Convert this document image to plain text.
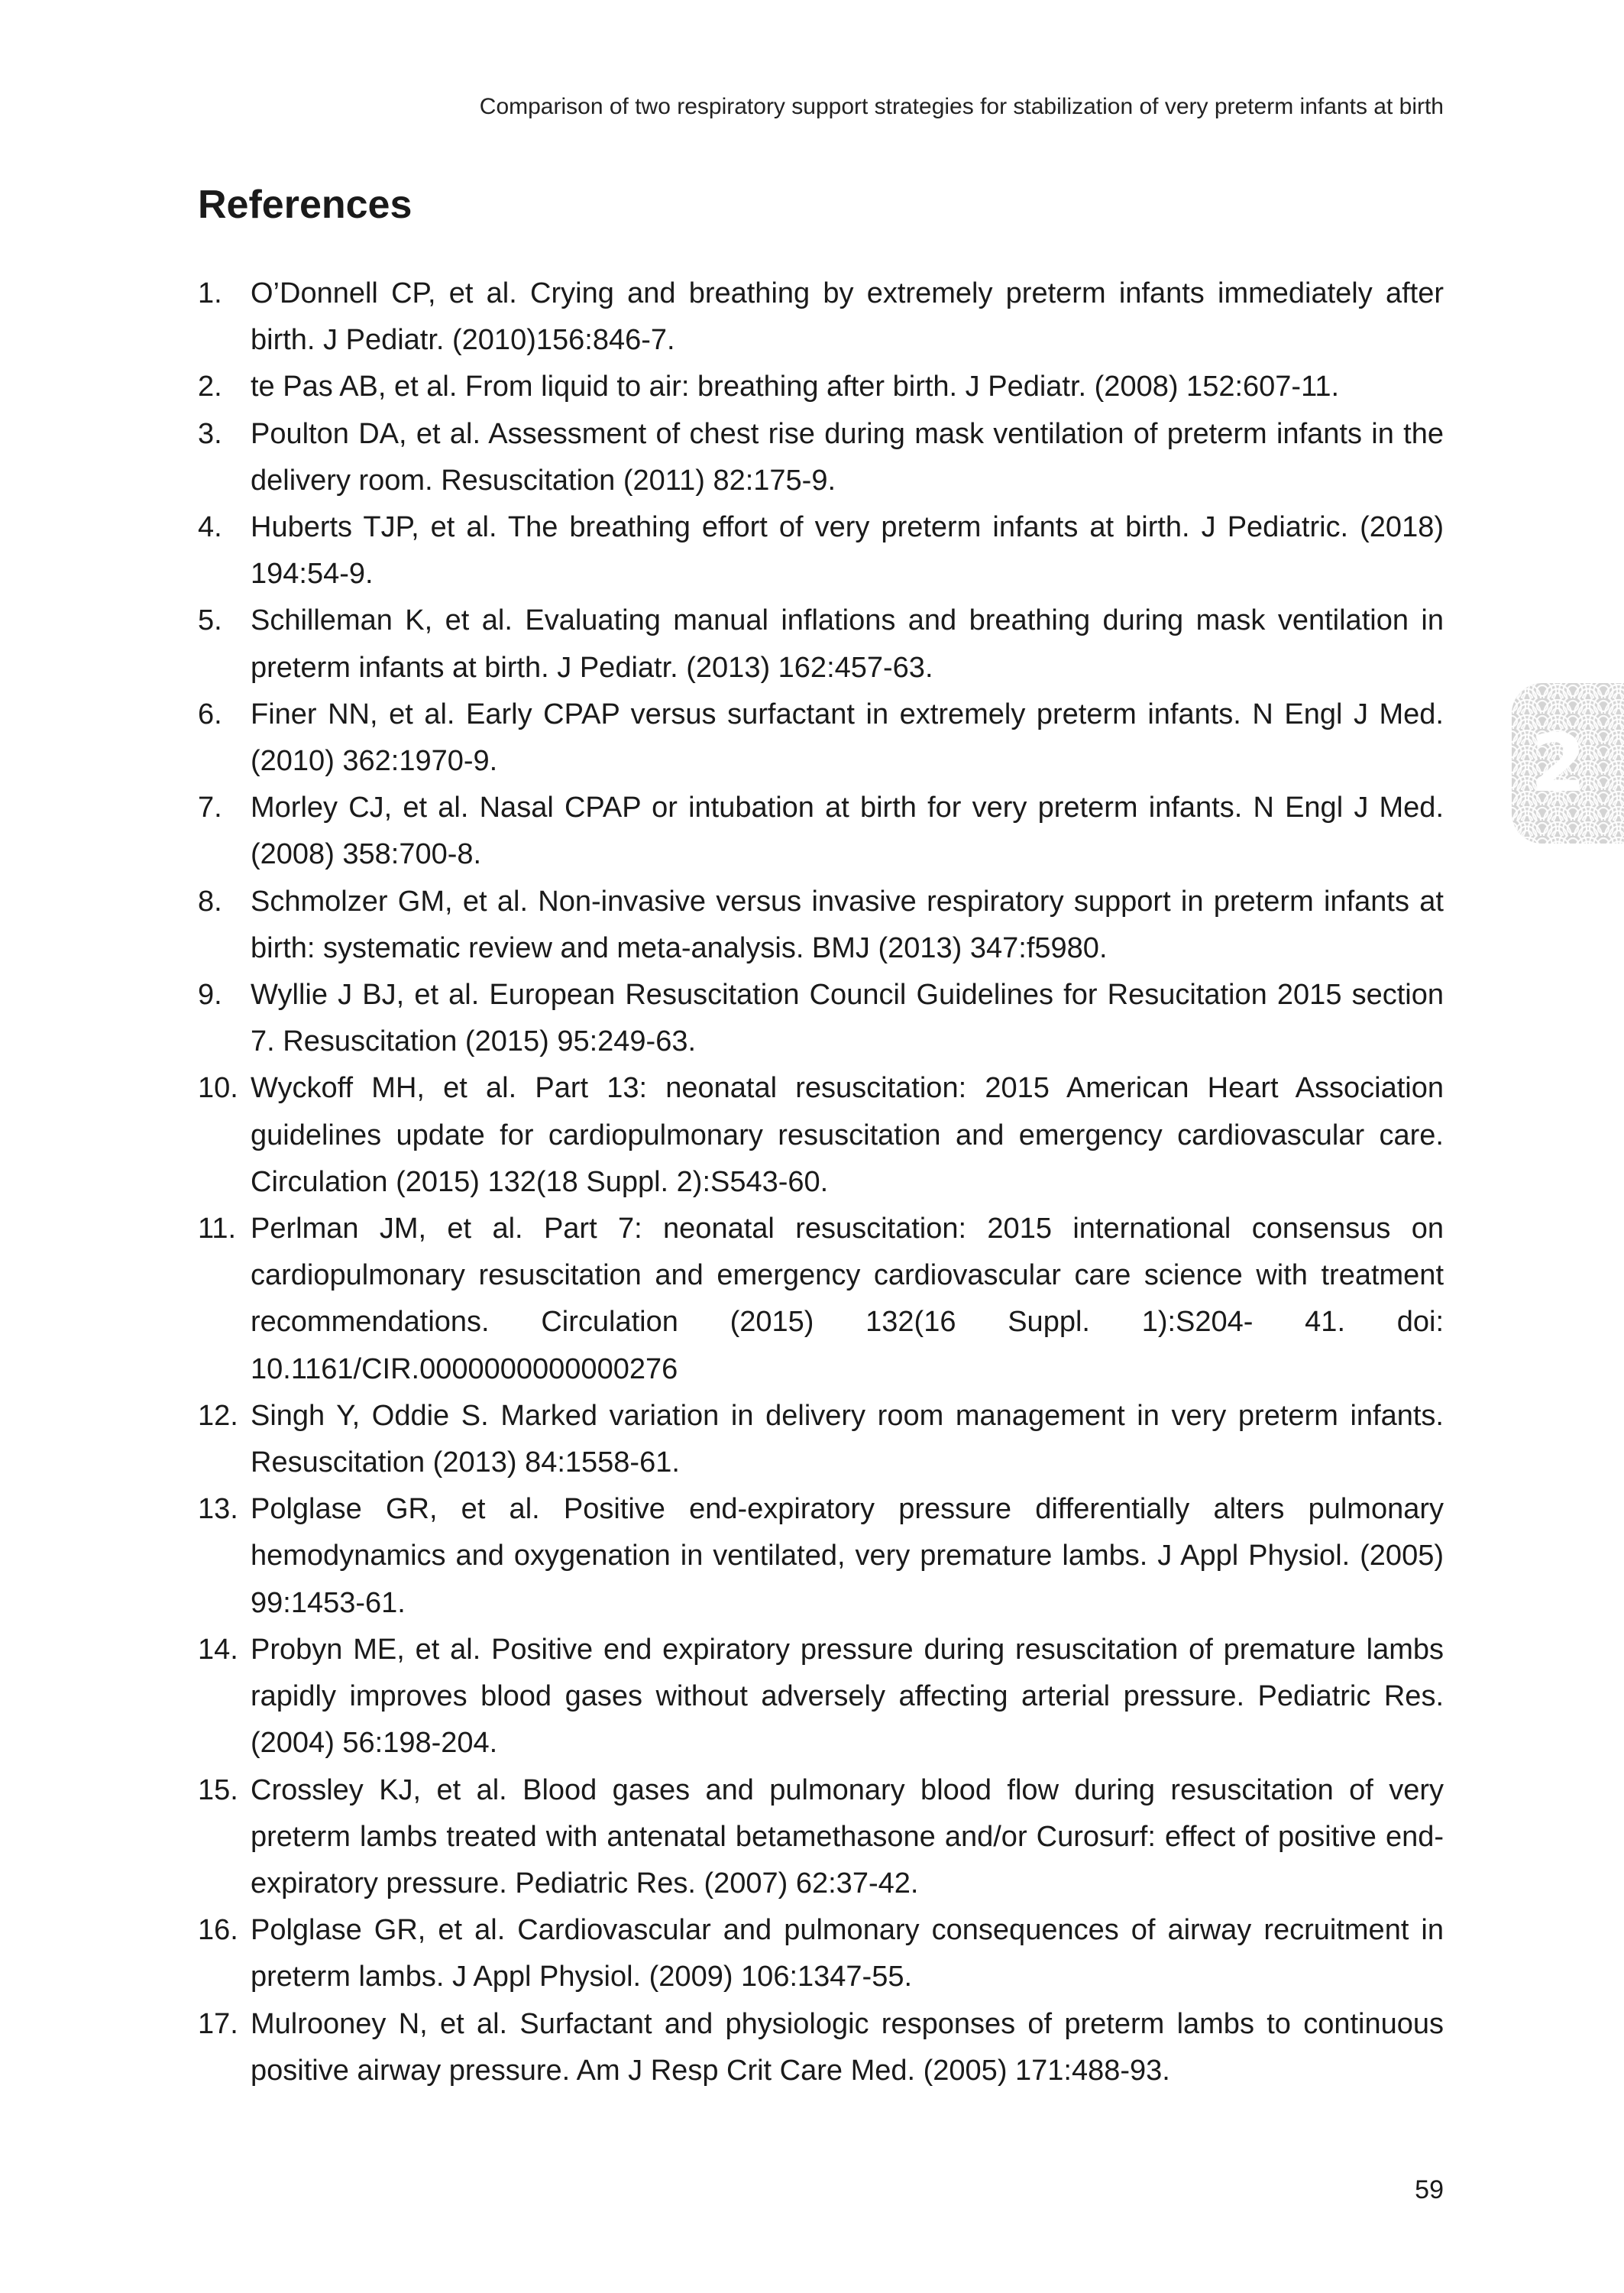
Comparison of two respiratory support strategies for stabilization of very preterm infants at birth
References
1. O’Donnell CP, et al. Crying and breathing by extremely preterm infants immediately after birth. J Pediatr. (2010)156:846-7.
2. te Pas AB, et al. From liquid to air: breathing after birth. J Pediatr. (2008) 152:607-11.
3. Poulton DA, et al. Assessment of chest rise during mask ventilation of preterm infants in the delivery room. Resuscitation (2011) 82:175-9.
4. Huberts TJP, et al. The breathing effort of very preterm infants at birth. J Pediatric. (2018) 194:54-9.
5. Schilleman K, et al. Evaluating manual inflations and breathing during mask ventilation in preterm infants at birth. J Pediatr. (2013) 162:457-63.
6. Finer NN, et al. Early CPAP versus surfactant in extremely preterm infants. N Engl J Med. (2010) 362:1970-9.
7. Morley CJ, et al. Nasal CPAP or intubation at birth for very preterm infants. N Engl J Med. (2008) 358:700-8.
8. Schmolzer GM, et al. Non-invasive versus invasive respiratory support in preterm infants at birth: systematic review and meta-analysis. BMJ (2013) 347:f5980.
9. Wyllie J BJ, et al. European Resuscitation Council Guidelines for Resucitation 2015 section 7. Resuscitation (2015) 95:249-63.
10. Wyckoff MH, et al. Part 13: neonatal resuscitation: 2015 American Heart Association guidelines update for cardiopulmonary resuscitation and emergency cardiovascular care. Circulation (2015) 132(18 Suppl. 2):S543-60.
11. Perlman JM, et al. Part 7: neonatal resuscitation: 2015 international consensus on cardiopulmonary resuscitation and emergency cardiovascular care science with treatment recommendations. Circulation (2015) 132(16 Suppl. 1):S204- 41. doi: 10.1161/CIR.0000000000000276
12. Singh Y, Oddie S. Marked variation in delivery room management in very preterm infants. Resuscitation (2013) 84:1558-61.
13. Polglase GR, et al. Positive end-expiratory pressure differentially alters pulmonary hemodynamics and oxygenation in ventilated, very premature lambs. J Appl Physiol. (2005) 99:1453-61.
14. Probyn ME, et al. Positive end expiratory pressure during resuscitation of premature lambs rapidly improves blood gases without adversely affecting arterial pressure. Pediatric Res. (2004) 56:198-204.
15. Crossley KJ, et al. Blood gases and pulmonary blood flow during resuscitation of very preterm lambs treated with antenatal betamethasone and/or Curosurf: effect of positive end-expiratory pressure. Pediatric Res. (2007) 62:37-42.
16. Polglase GR, et al. Cardiovascular and pulmonary consequences of airway recruitment in preterm lambs. J Appl Physiol. (2009) 106:1347-55.
17. Mulrooney N, et al. Surfactant and physiologic responses of preterm lambs to continuous positive airway pressure. Am J Resp Crit Care Med. (2005) 171:488-93.
2
59
